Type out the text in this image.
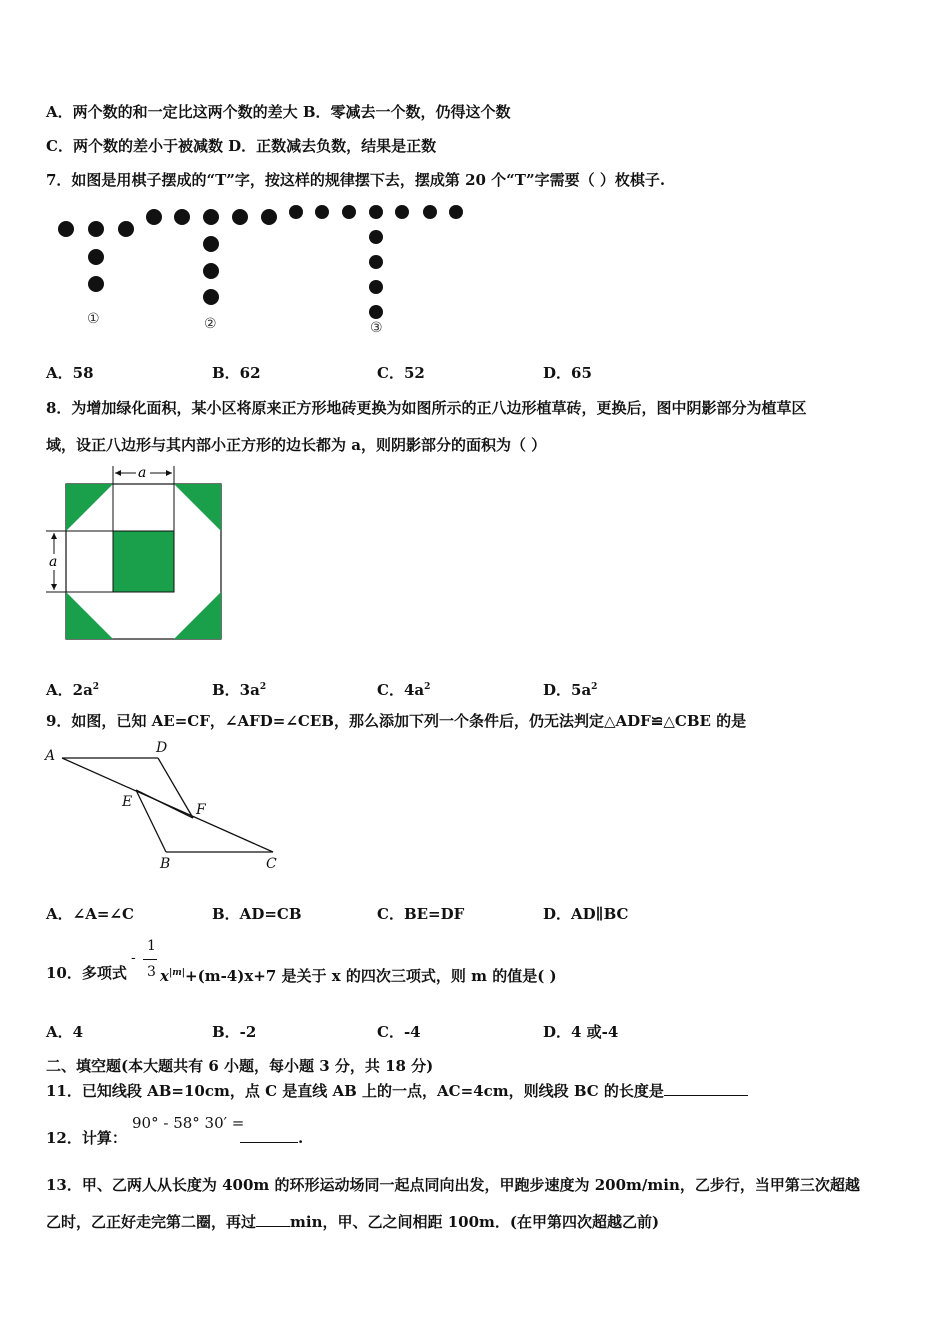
A．两个数的和一定比这两个数的差大 B．零减去一个数，仍得这个数
C．两个数的差小于被减数 D．正数减去负数，结果是正数
7．如图是用棋子摆成的“T”字，按这样的规律摆下去，摆成第 20 个“T”字需要（ ）枚棋子.
①	②	③
A．58	B．62	C．52	D．65
8．为增加绿化面积，某小区将原来正方形地砖更换为如图所示的正八边形植草砖，更换后，图中阴影部分为植草区
域，设正八边形与其内部小正方形的边长都为 a，则阴影部分的面积为（ ）
a
a
A．$2a^2$	B．$3a^2$	C．$4a^2$	D．$5a^2$
9．如图，已知 AE=CF，∠AFD=∠CEB，那么添加下列一个条件后，仍无法判定△ADF≌△CBE 的是
A	D
E	F
B	C
A．∠A=∠C	B．AD=CB	C．BE=DF	D．AD∥BC
10．多项式
-
1
3 $x^{|m|}+(m-4)x+7$ 是关于 x 的四次三项式，则 m 的值是( )
A．4	B．-2	C．-4	D．4 或-4
二、填空题(本大题共有 6 小题，每小题 3 分，共 18 分)
11．已知线段 AB=10cm，点 C 是直线 AB 上的一点，AC=4cm，则线段 BC 的长度是
12．计算：
90° - 58° 30′ =
.
13．甲、乙两人从长度为 400m 的环形运动场同一起点同向出发，甲跑步速度为 200m/min，乙步行，当甲第三次超越
乙时，乙正好走完第二圈，再过 min，甲、乙之间相距 100m．(在甲第四次超越乙前)
